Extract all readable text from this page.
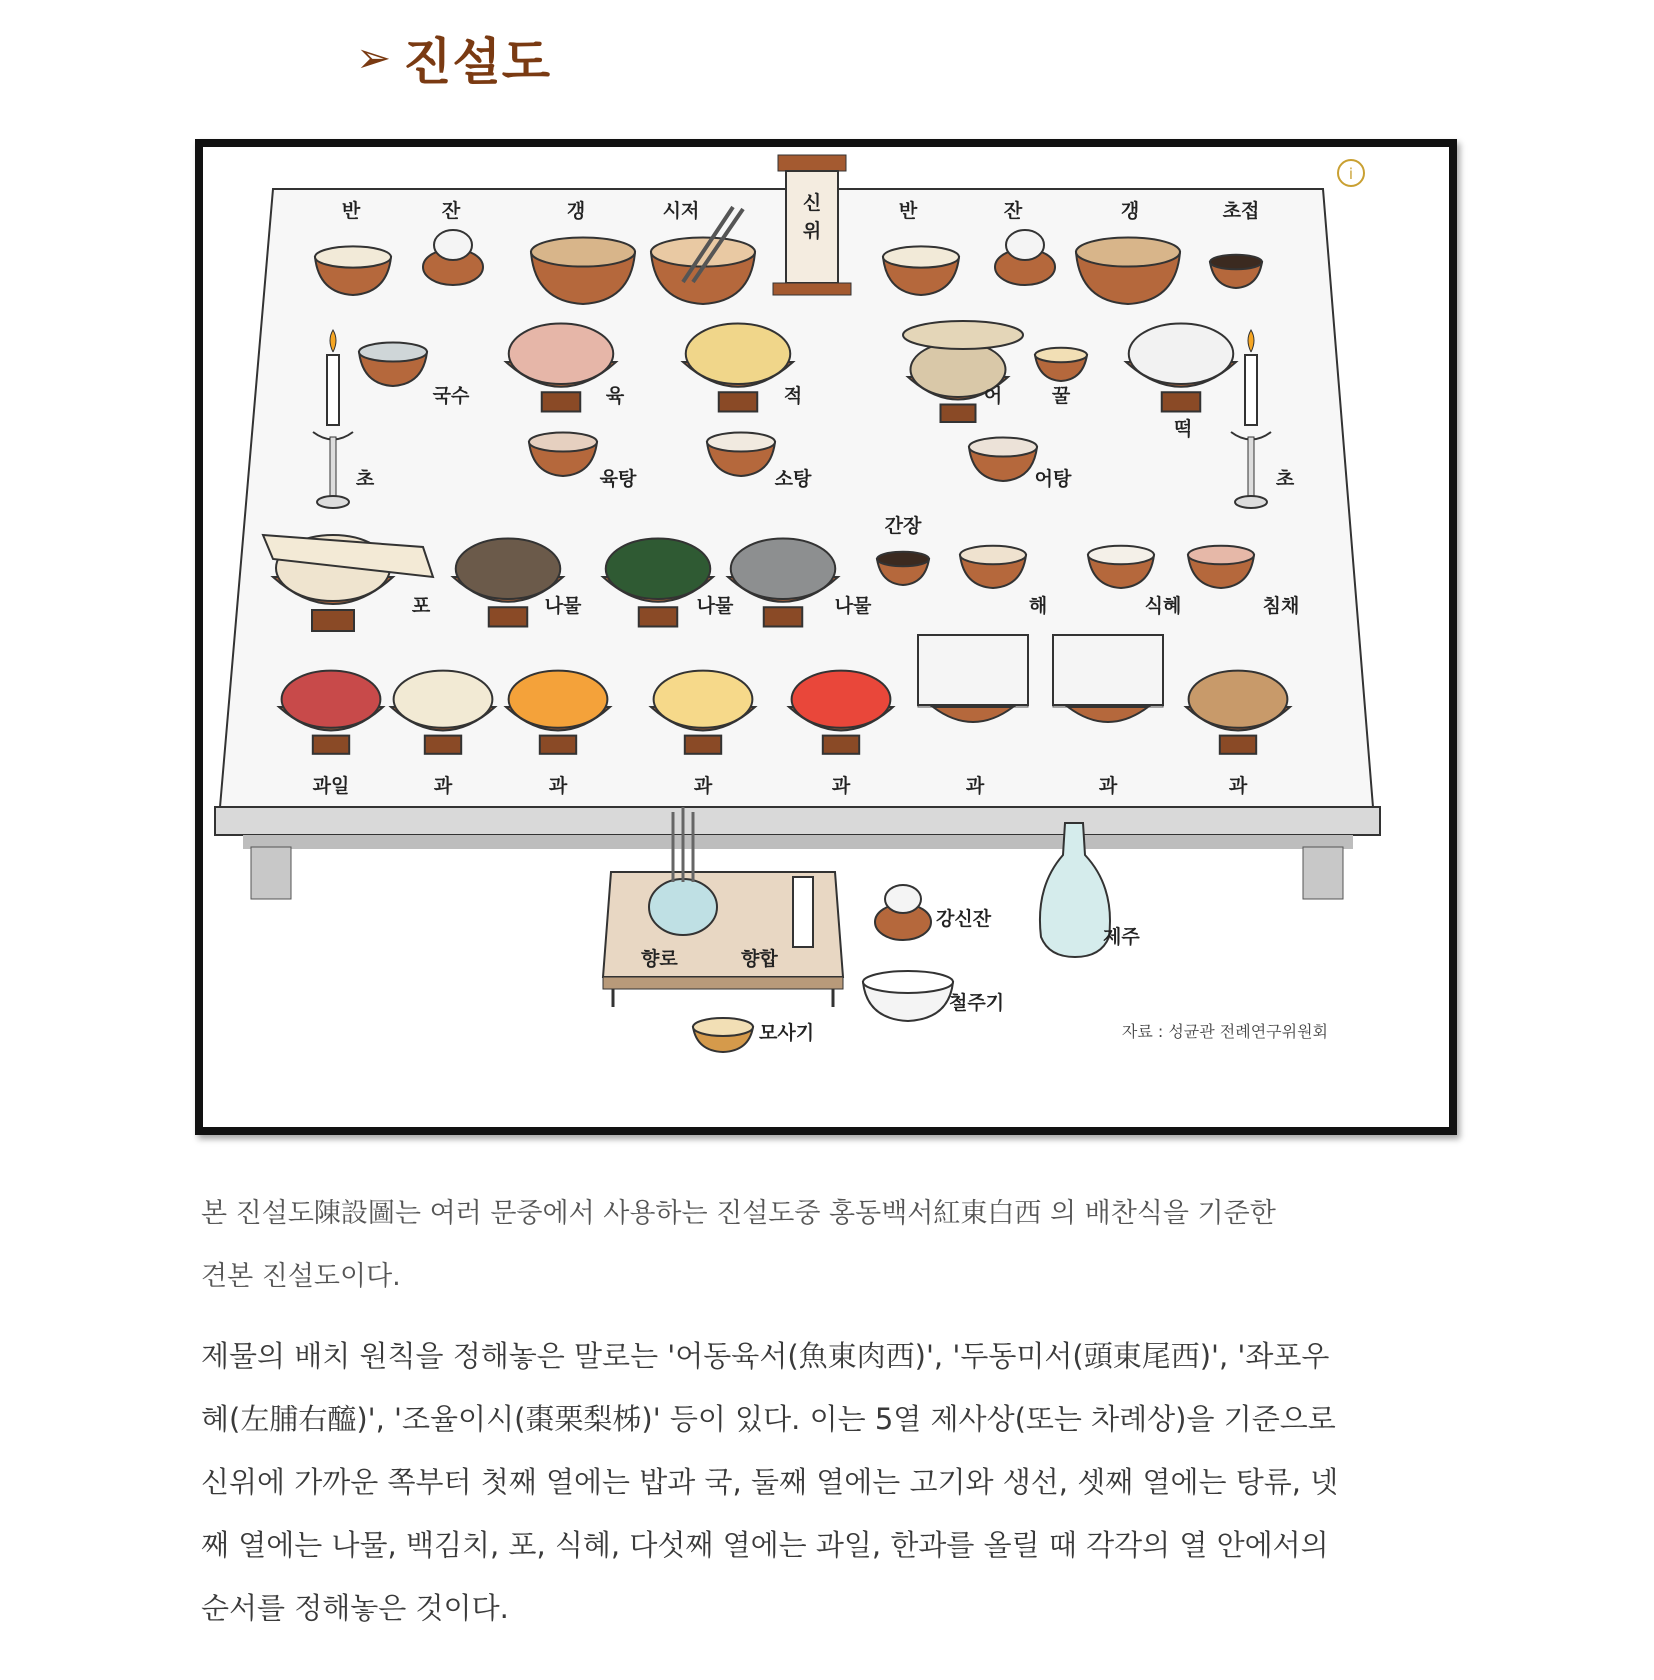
➢ 진설도
i
신
위
반	잔	갱	시저	반	잔	갱	초접
국수	육	적	어	꿀
떡
초	초
육탕	소탕	어탕
포	나물	나물	나물
간장
해	식혜	침채
과일	과	과	과	과	과	과	과
향로	향합
강신잔
제주
철주기
모사기	자료 : 성균관 전례연구위원회
본 진설도陳設圖는 여러 문중에서 사용하는 진설도중 홍동백서紅東白西 의 배찬식을 기준한
견본 진설도이다.
제물의 배치 원칙을 정해놓은 말로는 '어동육서(魚東肉西)', '두동미서(頭東尾西)', '좌포우
혜(左脯右醯)', '조율이시(棗栗梨柹)' 등이 있다. 이는 5열 제사상(또는 차례상)을 기준으로
신위에 가까운 쪽부터 첫째 열에는 밥과 국, 둘째 열에는 고기와 생선, 셋째 열에는 탕류, 넷
째 열에는 나물, 백김치, 포, 식혜, 다섯째 열에는 과일, 한과를 올릴 때 각각의 열 안에서의
순서를 정해놓은 것이다.
